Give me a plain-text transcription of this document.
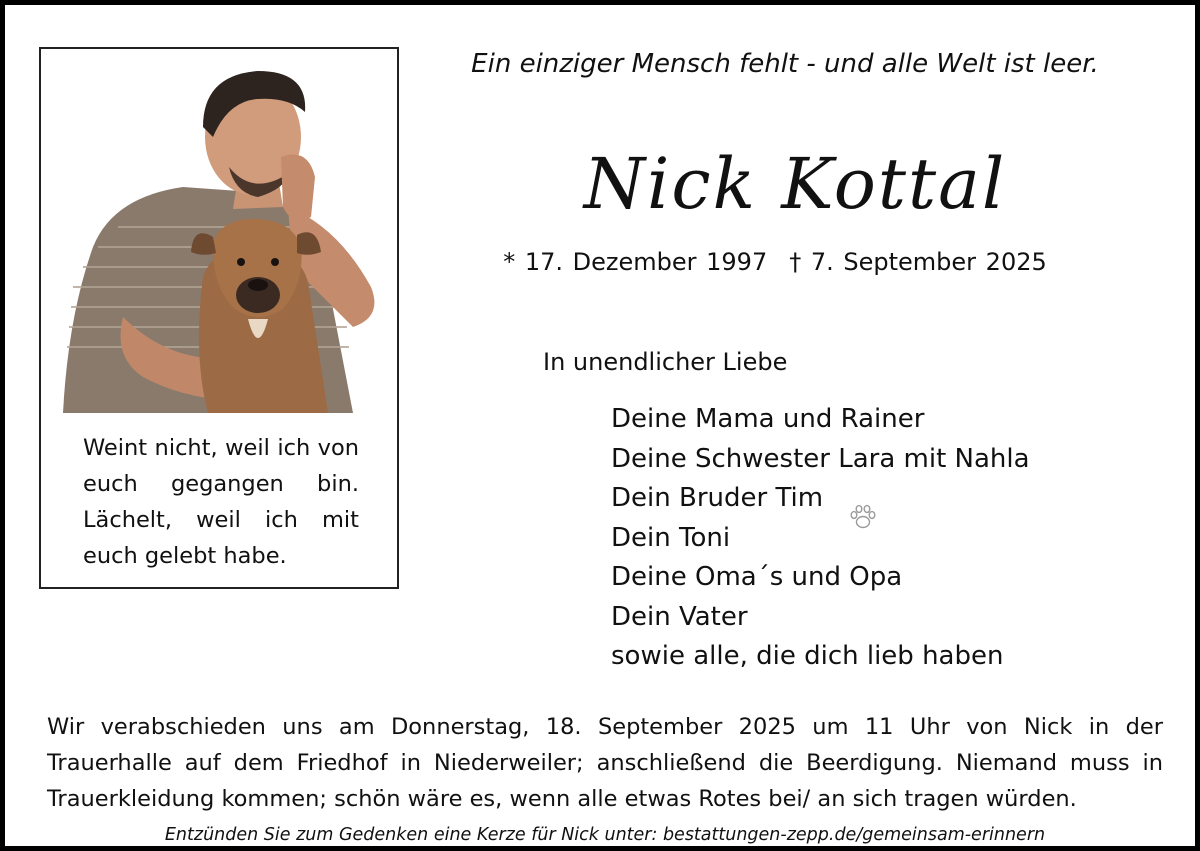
Weint nicht, weil ich von euch gegangen bin. Lächelt, weil ich mit euch gelebt habe.
Ein einziger Mensch fehlt - und alle Welt ist leer.
Nick Kottal
* 17. Dezember 1997 † 7. September 2025
In unendlicher Liebe
Deine Mama und Rainer
Deine Schwester Lara mit Nahla
Dein Bruder Tim
Dein Toni
Deine Oma´s und Opa
Dein Vater
sowie alle, die dich lieb haben
Wir verabschieden uns am Donnerstag, 18. September 2025 um 11 Uhr von Nick in der Trauerhalle auf dem Friedhof in Niederweiler; anschließend die Beerdigung. Niemand muss in Trauerkleidung kommen; schön wäre es, wenn alle etwas Rotes bei/ an sich tragen würden.
Entzünden Sie zum Gedenken eine Kerze für Nick unter: bestattungen-zepp.de/gemeinsam-erinnern
